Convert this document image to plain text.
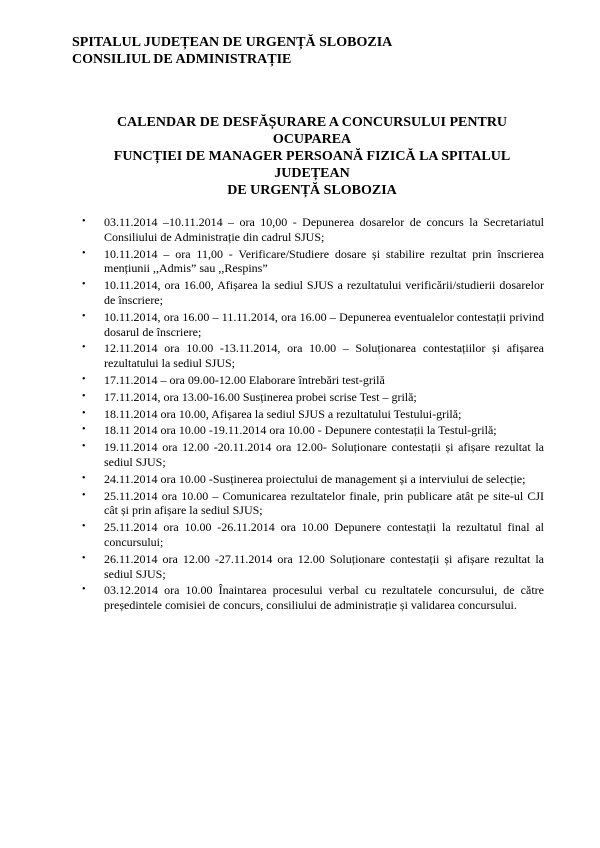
SPITALUL JUDEȚEAN DE URGENȚĂ SLOBOZIA

CONSILIUL DE ADMINISTRAȚIE

CALENDAR DE DESFĂȘURARE A CONCURSULUI PENTRU OCUPAREA
FUNCȚIEI DE MANAGER PERSOANĂ FIZICĂ LA SPITALUL JUDEȚEAN
DE URGENȚĂ SLOBOZIA
• 03.11.2014 –10.11.2014 – ora 10,00 - Depunerea dosarelor de concurs la Secretariatul Consiliului de Administrație din cadrul SJUS;
• 10.11.2014 – ora 11,00 - Verificare/Studiere dosare și stabilire rezultat prin înscrierea mențiunii ,,Admis” sau ,,Respins”
• 10.11.2014, ora 16.00, Afișarea la sediul SJUS a rezultatului verificării/studierii dosarelor de înscriere;
• 10.11.2014, ora 16.00 – 11.11.2014, ora 16.00 – Depunerea eventualelor contestații privind dosarul de înscriere;
• 12.11.2014 ora 10.00 -13.11.2014, ora 10.00 – Soluționarea contestațiilor și afișarea rezultatului la sediul SJUS;
• 17.11.2014 – ora 09.00-12.00 Elaborare întrebări test-grilă
• 17.11.2014, ora 13.00-16.00 Susținerea probei scrise Test – grilă;
• 18.11.2014 ora 10.00, Afișarea la sediul SJUS a rezultatului Testului-grilă;
• 18.11 2014 ora 10.00 -19.11.2014 ora 10.00 - Depunere contestații la Testul-grilă;
• 19.11.2014 ora 12.00 -20.11.2014 ora 12.00- Soluționare contestații și afișare rezultat la sediul SJUS;
• 24.11.2014 ora 10.00 -Susținerea proiectului de management și a interviului de selecție;
• 25.11.2014 ora 10.00 – Comunicarea rezultatelor finale, prin publicare atât pe site-ul CJI cât și prin afișare la sediul SJUS;
• 25.11.2014 ora 10.00 -26.11.2014 ora 10.00 Depunere contestații la rezultatul final al concursului;
• 26.11.2014 ora 12.00 -27.11.2014 ora 12.00 Soluționare contestații și afișare rezultat la sediul SJUS;
• 03.12.2014 ora 10.00 Înaintarea procesului verbal cu rezultatele concursului, de către președintele comisiei de concurs, consiliului de administrație și validarea concursului.
